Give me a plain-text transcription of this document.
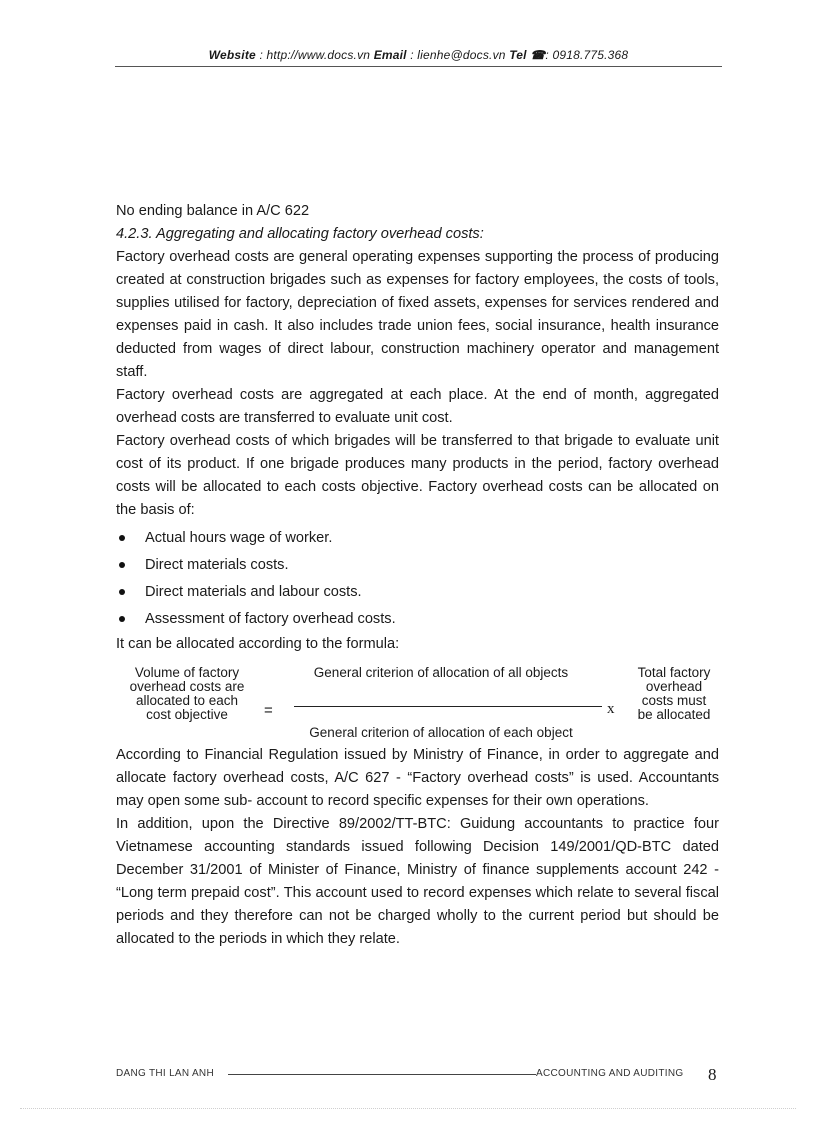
Website : http://www.docs.vn Email : lienhe@docs.vn Tel ☎: 0918.775.368

No ending balance in A/C 622

4.2.3. Aggregating and allocating factory overhead costs:

Factory overhead costs are general operating expenses supporting the process of producing created at construction brigades such as expenses for factory employees, the costs of tools, supplies utilised for factory, depreciation of fixed assets, expenses for services rendered and expenses paid in cash. It also includes trade union fees, social insurance, health insurance deducted from wages of direct labour, construction machinery operator and management staff.

Factory overhead costs are aggregated at each place. At the end of month, aggregated overhead costs are transferred to evaluate unit cost.

Factory overhead costs of which brigades will be transferred to that brigade to evaluate unit cost of its product. If one brigade produces many products in the period, factory overhead costs will be allocated to each costs objective. Factory overhead costs can be allocated on the basis of:

Actual hours wage of worker.
Direct materials costs.
Direct materials and labour costs.
Assessment of factory overhead costs.

It can be allocated according to the formula:

Volume of factory
overhead costs are
allocated to each
cost objective	=
General criterion of allocation of all objects
General criterion of allocation of each object
x
Total factory
overhead
costs must
be allocated

According to Financial Regulation issued by Ministry of Finance, in order to aggregate and allocate factory overhead costs, A/C 627 - “Factory overhead costs” is used. Accountants may open some sub- account to record specific expenses for their own operations.

In addition, upon the Directive 89/2002/TT-BTC: Guidung accountants to practice four Vietnamese accounting standards issued following Decision 149/2001/QD-BTC dated December 31/2001 of Minister of Finance, Ministry of finance supplements account 242 - “Long term prepaid cost”. This account used to record expenses which relate to several fiscal periods and they therefore can not be charged wholly to the current period but should be allocated to the periods in which they relate.

DANG THI LAN ANH	ACCOUNTING AND AUDITING 8
